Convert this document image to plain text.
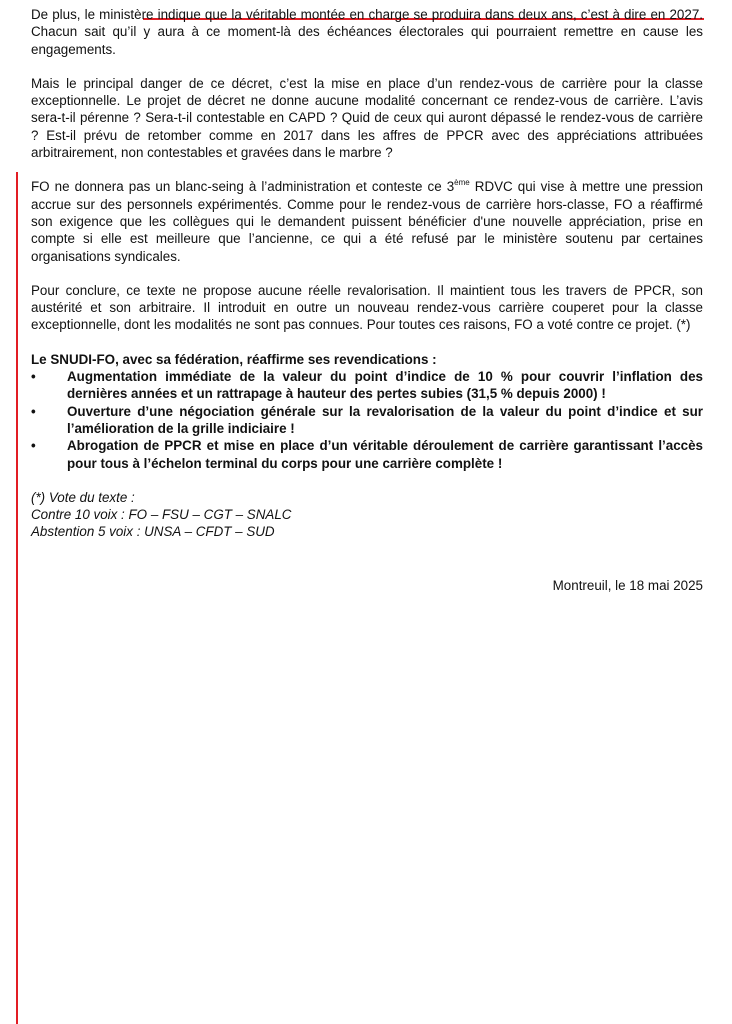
De plus, le ministère indique que la véritable montée en charge se produira dans deux ans, c’est à dire en 2027. Chacun sait qu’il y aura à ce moment-là des échéances électorales qui pourraient remettre en cause les engagements.

Mais le principal danger de ce décret, c’est la mise en place d’un rendez-vous de carrière pour la classe exceptionnelle. Le projet de décret ne donne aucune modalité concernant ce rendez-vous de carrière. L’avis sera-t-il pérenne ? Sera-t-il contestable en CAPD ? Quid de ceux qui auront dépassé le rendez-vous de carrière ? Est-il prévu de retomber comme en 2017 dans les affres de PPCR avec des appréciations attribuées arbitrairement, non contestables et gravées dans le marbre ?

FO ne donnera pas un blanc-seing à l’administration et conteste ce 3ème RDVC qui vise à mettre une pression accrue sur des personnels expérimentés. Comme pour le rendez-vous de carrière hors-classe, FO a réaffirmé son exigence que les collègues qui le demandent puissent bénéficier d'une nouvelle appréciation, prise en compte si elle est meilleure que l’ancienne, ce qui a été refusé par le ministère soutenu par certaines organisations syndicales.

Pour conclure, ce texte ne propose aucune réelle revalorisation. Il maintient tous les travers de PPCR, son austérité et son arbitraire. Il introduit en outre un nouveau rendez-vous carrière couperet pour la classe exceptionnelle, dont les modalités ne sont pas connues. Pour toutes ces raisons, FO a voté contre ce projet. (*)

Le SNUDI-FO, avec sa fédération, réaffirme ses revendications :

• Augmentation immédiate de la valeur du point d’indice de 10 % pour couvrir l’inflation des dernières années et un rattrapage à hauteur des pertes subies (31,5 % depuis 2000) !
• Ouverture d’une négociation générale sur la revalorisation de la valeur du point d’indice et sur l’amélioration de la grille indiciaire !
• Abrogation de PPCR et mise en place d’un véritable déroulement de carrière garantissant l’accès pour tous à l’échelon terminal du corps pour une carrière complète !

(*) Vote du texte :

Contre 10 voix : FO – FSU – CGT – SNALC

Abstention 5 voix : UNSA – CFDT – SUD

Montreuil, le 18 mai 2025
